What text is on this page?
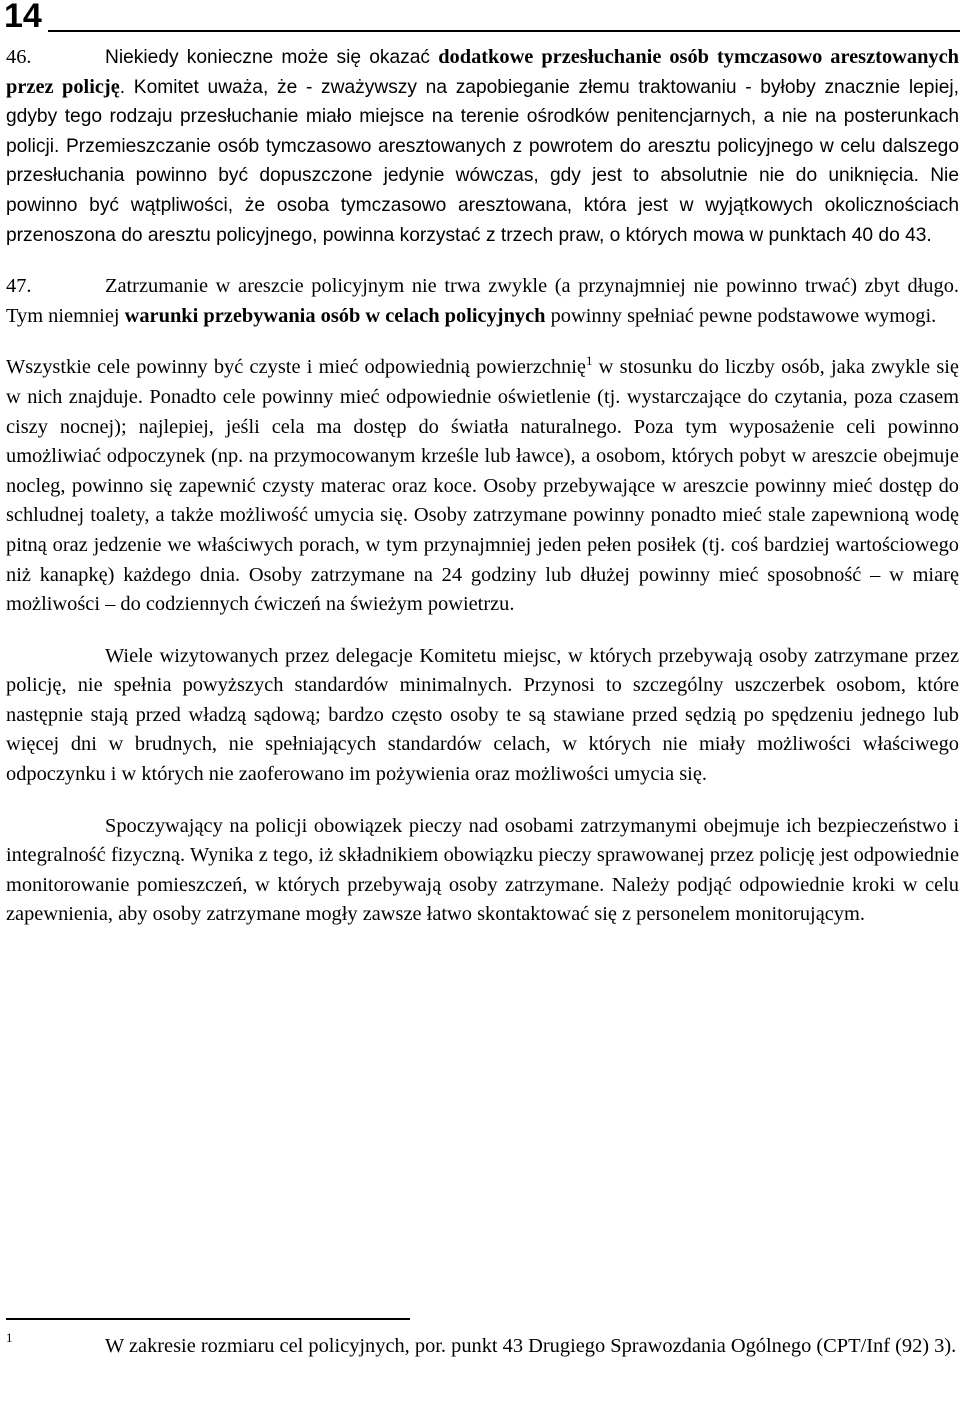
14

46.	Niekiedy konieczne może się okazać dodatkowe przesłuchanie osób tymczasowo aresztowanych przez policję. Komitet uważa, że - zważywszy na zapobieganie złemu traktowaniu - byłoby znacznie lepiej, gdyby tego rodzaju przesłuchanie miało miejsce na terenie ośrodków penitencjarnych, a nie na posterunkach policji. Przemieszczanie osób tymczasowo aresztowanych z powrotem do aresztu policyjnego w celu dalszego przesłuchania powinno być dopuszczone jedynie wówczas, gdy jest to absolutnie nie do uniknięcia. Nie powinno być wątpliwości, że osoba tymczasowo aresztowana, która jest w wyjątkowych okolicznościach przenoszona do aresztu policyjnego, powinna korzystać z trzech praw, o których mowa w punktach 40 do 43.

47.	Zatrzumanie w areszcie policyjnym nie trwa zwykle (a przynajmniej nie powinno trwać) zbyt długo. Tym niemniej warunki przebywania osób w celach policyjnych powinny spełniać pewne podstawowe wymogi.

Wszystkie cele powinny być czyste i mieć odpowiednią powierzchnię$^1$ w stosunku do liczby osób, jaka zwykle się w nich znajduje. Ponadto cele powinny mieć odpowiednie oświetlenie (tj. wystarczające do czytania, poza czasem ciszy nocnej); najlepiej, jeśli cela ma dostęp do światła naturalnego. Poza tym wyposażenie celi powinno umożliwiać odpoczynek (np. na przymocowanym krześle lub ławce), a osobom, których pobyt w areszcie obejmuje nocleg, powinno się zapewnić czysty materac oraz koce. Osoby przebywające w areszcie powinny mieć dostęp do schludnej toalety, a także możliwość umycia się. Osoby zatrzymane powinny ponadto mieć stale zapewnioną wodę pitną oraz jedzenie we właściwych porach, w tym przynajmniej jeden pełen posiłek (tj. coś bardziej wartościowego niż kanapkę) każdego dnia. Osoby zatrzymane na 24 godziny lub dłużej powinny mieć sposobność – w miarę możliwości – do codziennych ćwiczeń na świeżym powietrzu.

Wiele wizytowanych przez delegacje Komitetu miejsc, w których przebywają osoby zatrzymane przez policję, nie spełnia powyższych standardów minimalnych. Przynosi to szczególny uszczerbek osobom, które następnie stają przed władzą sądową; bardzo często osoby te są stawiane przed sędzią po spędzeniu jednego lub więcej dni w brudnych, nie spełniających standardów celach, w których nie miały możliwości właściwego odpoczynku i w których nie zaoferowano im pożywienia oraz możliwości umycia się.

Spoczywający na policji obowiązek pieczy nad osobami zatrzymanymi obejmuje ich bezpieczeństwo i integralność fizyczną. Wynika z tego, iż składnikiem obowiązku pieczy sprawowanej przez policję jest odpowiednie monitorowanie pomieszczeń, w których przebywają osoby zatrzymane. Należy podjąć odpowiednie kroki w celu zapewnienia, aby osoby zatrzymane mogły zawsze łatwo skontaktować się z personelem monitorującym.

1	W zakresie rozmiaru cel policyjnych, por. punkt 43 Drugiego Sprawozdania Ogólnego (CPT/Inf (92) 3).
